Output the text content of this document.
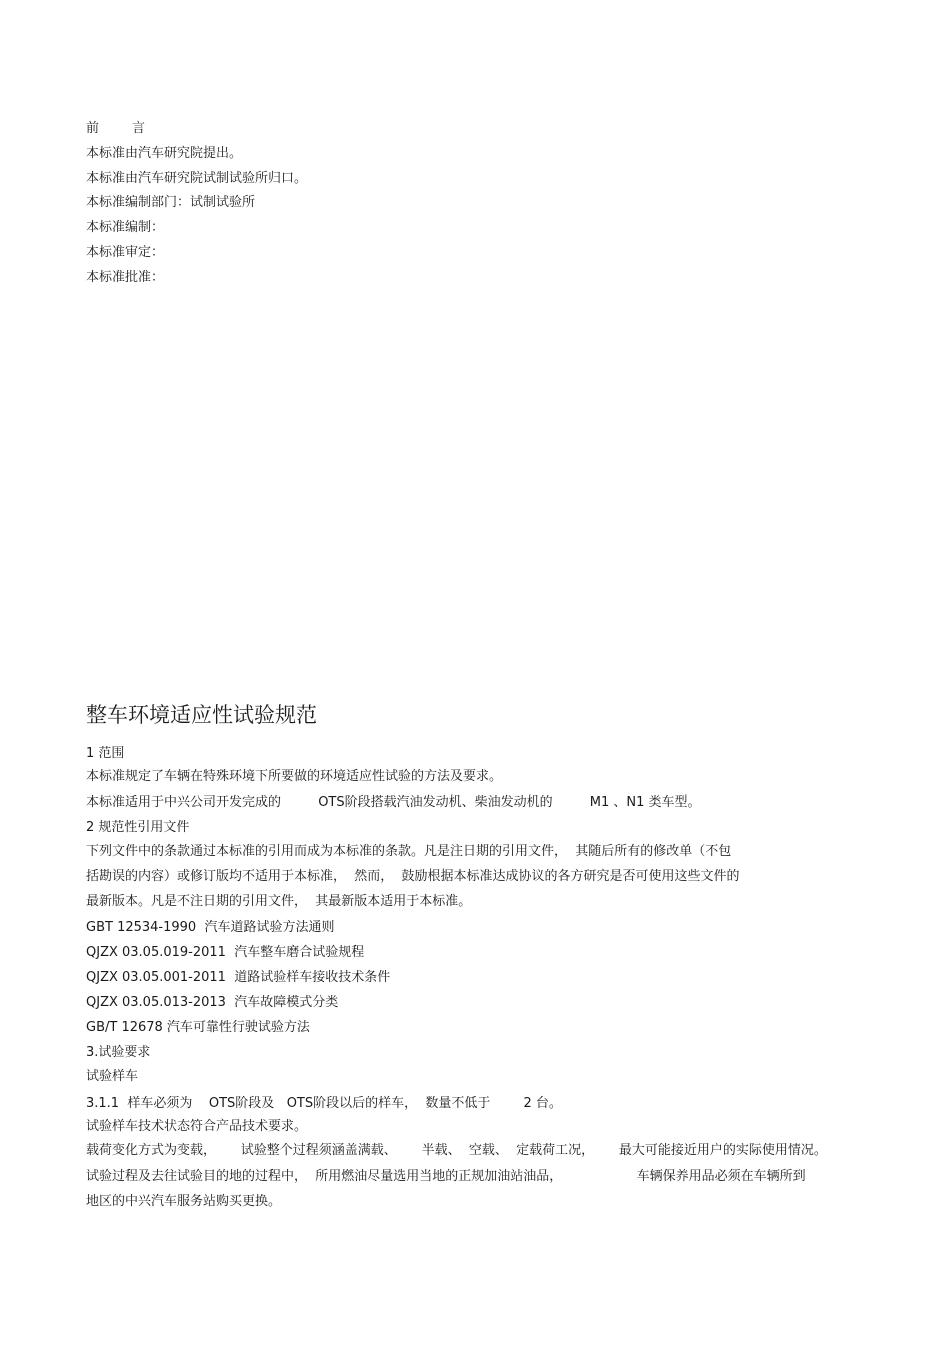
前        言
本标准由汽车研究院提出。
本标准由汽车研究院试制试验所归口。
本标准编制部门：试制试验所
本标准编制：
本标准审定：
本标准批准：
整车环境适应性试验规范
1 范围
本标准规定了车辆在特殊环境下所要做的环境适应性试验的方法及要求。
本标准适用于中兴公司开发完成的         OTS阶段搭载汽油发动机、柴油发动机的         M1 、N1 类车型。
2 规范性引用文件
下列文件中的条款通过本标准的引用而成为本标准的条款。凡是注日期的引用文件，  其随后所有的修改单（不包
括勘误的内容）或修订版均不适用于本标准，  然而，  鼓励根据本标准达成协议的各方研究是否可使用这些文件的
最新版本。凡是不注日期的引用文件，  其最新版本适用于本标准。
GBT 12534-1990  汽车道路试验方法通则
QJZX 03.05.019-2011  汽车整车磨合试验规程
QJZX 03.05.001-2011  道路试验样车接收技术条件
QJZX 03.05.013-2013  汽车故障模式分类
GB/T 12678 汽车可靠性行驶试验方法
3.试验要求
试验样车
3.1.1  样车必须为    OTS阶段及   OTS阶段以后的样车，  数量不低于        2 台。
试验样车技术状态符合产品技术要求。
载荷变化方式为变载，      试验整个过程须涵盖满载、      半载、  空载、  定载荷工况，      最大可能接近用户的实际使用情况。
试验过程及去往试验目的地的过程中，  所用燃油尽量选用当地的正规加油站油品，                  车辆保养用品必须在车辆所到
地区的中兴汽车服务站购买更换。
